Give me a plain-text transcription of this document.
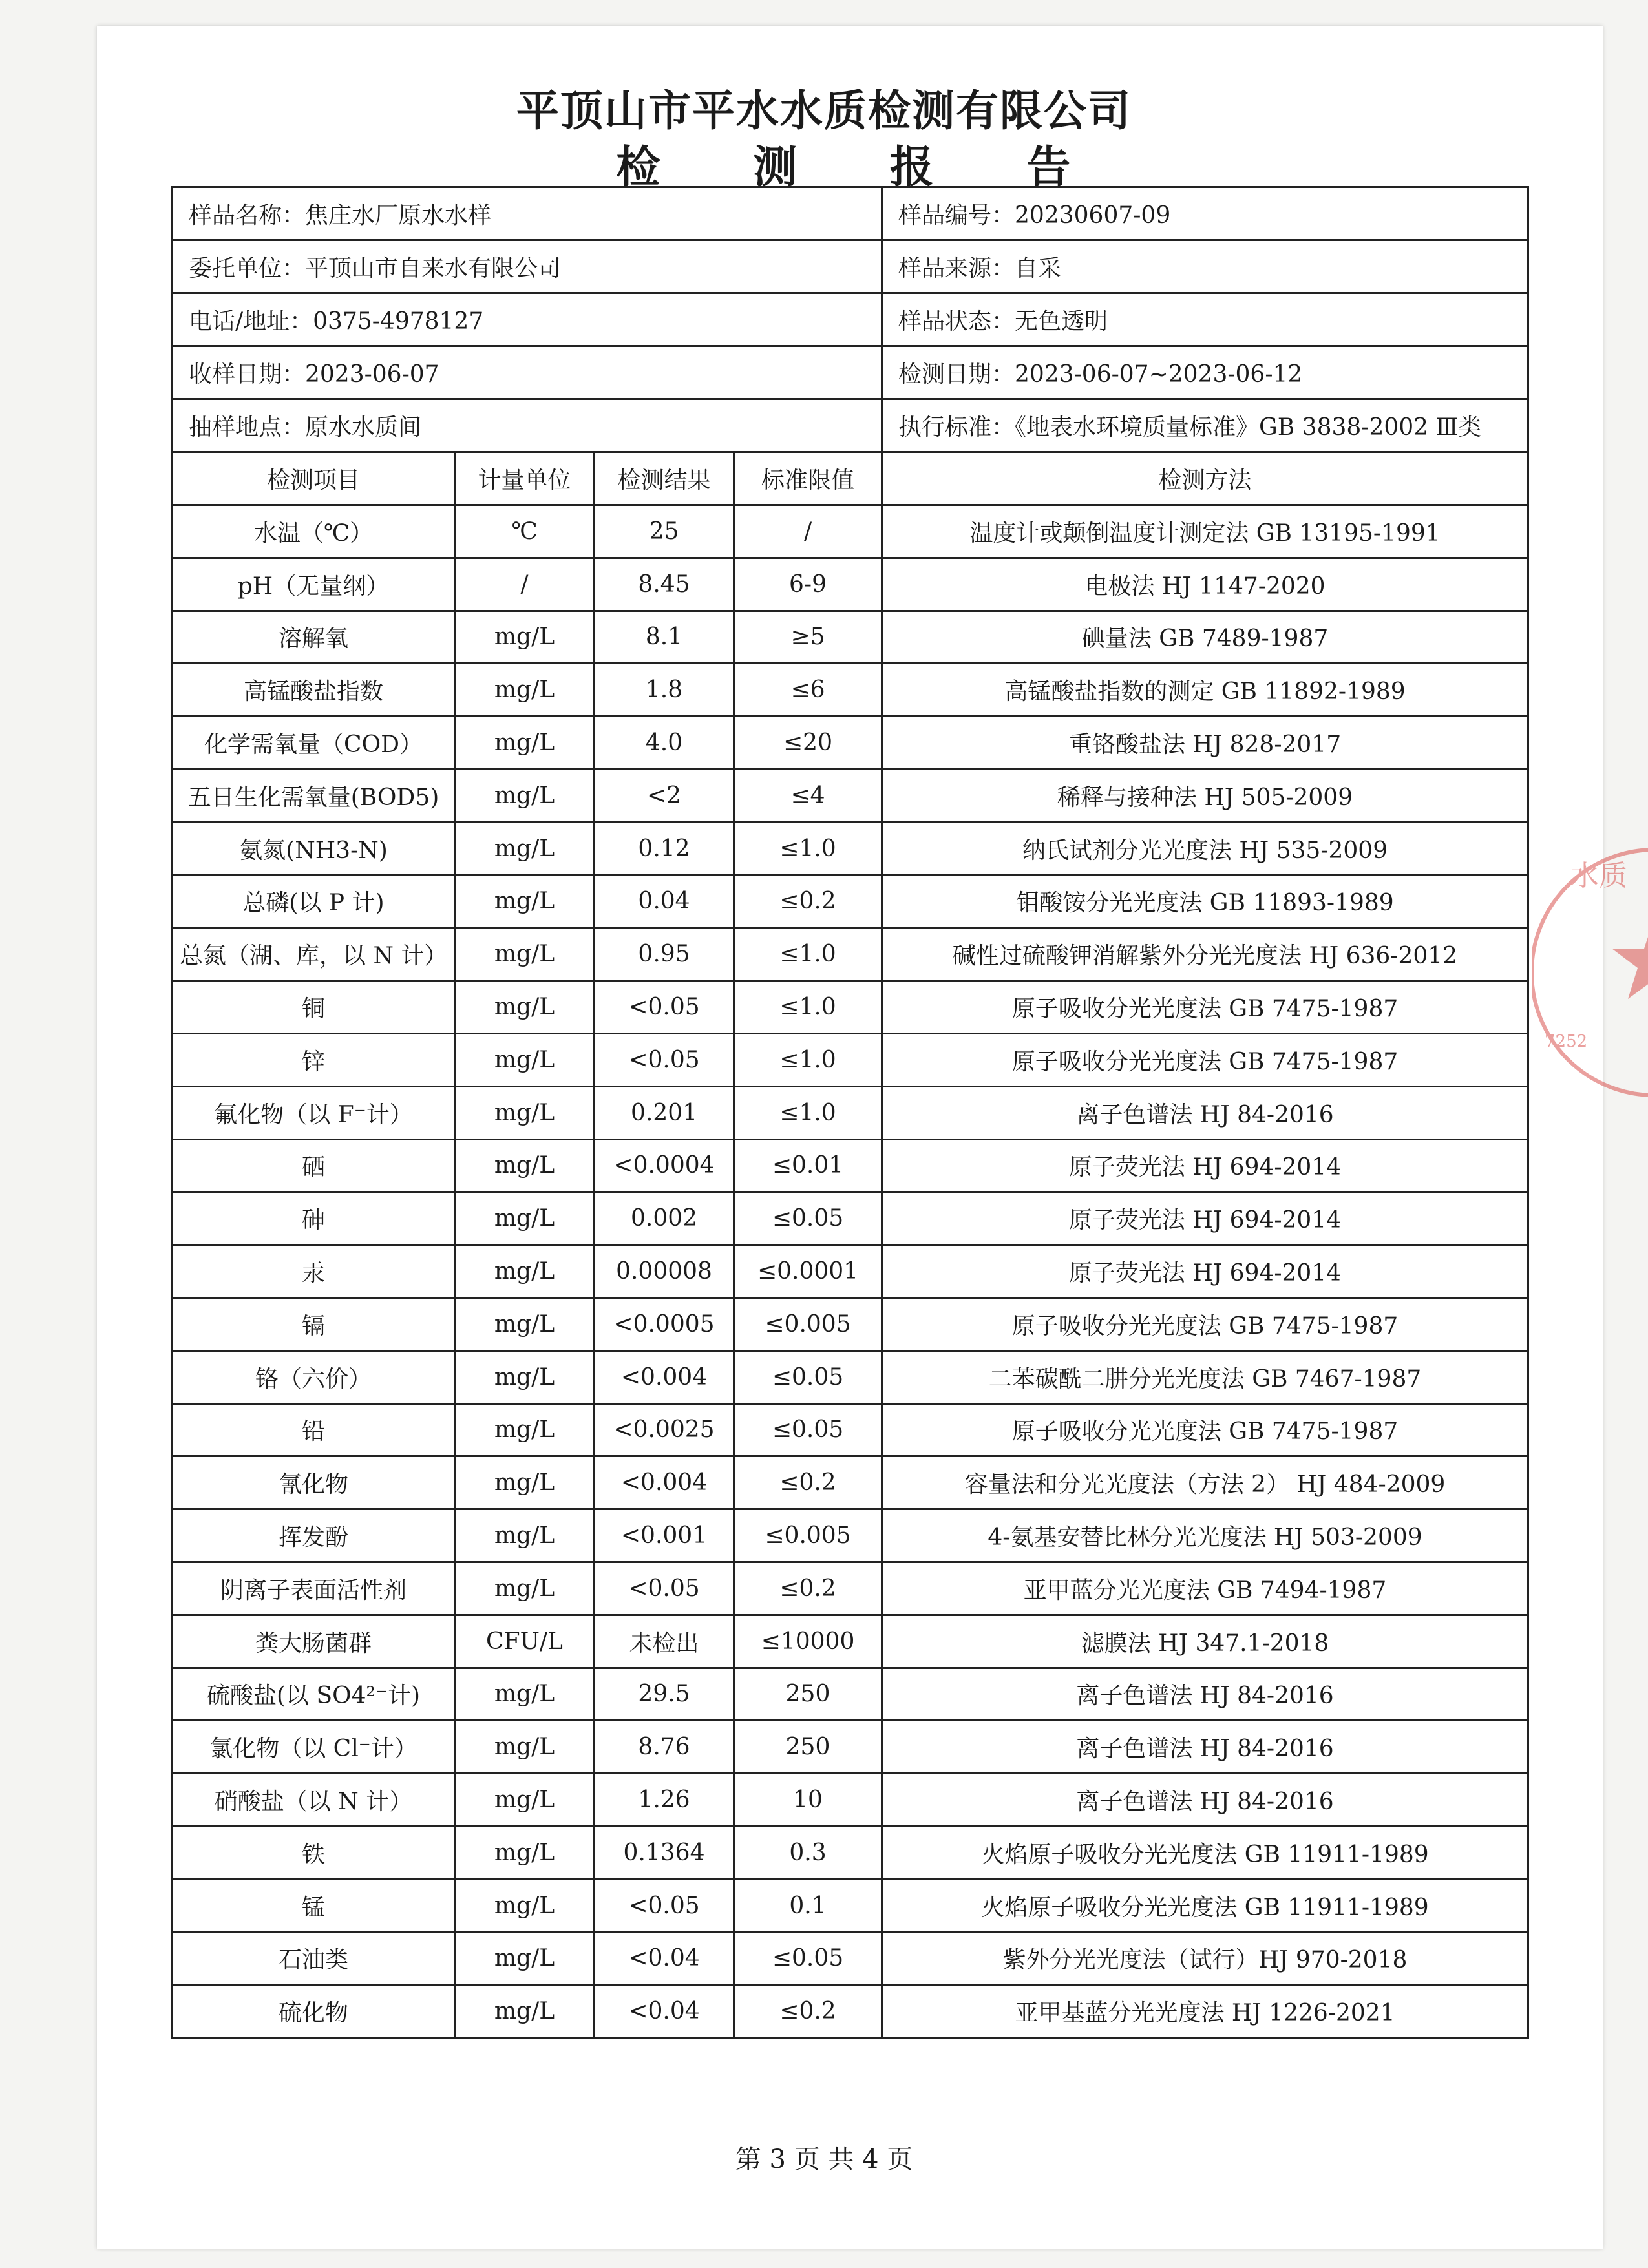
平顶山市平水水质检测有限公司
检 测 报 告
样品名称：焦庄水厂原水水样				样品编号：20230607-09
委托单位：平顶山市自来水有限公司				样品来源：自采
电话/地址：0375-4978127				样品状态：无色透明
收样日期：2023-06-07				检测日期：2023-06-07~2023-06-12
抽样地点：原水水质间				执行标准：《地表水环境质量标准》GB 3838-2002 Ⅲ类
检测项目	计量单位	检测结果	标准限值	检测方法
水温（℃）	℃	25	/	温度计或颠倒温度计测定法 GB 13195-1991
pH（无量纲）	/	8.45	6-9	电极法 HJ 1147-2020
溶解氧	mg/L	8.1	≥5	碘量法 GB 7489-1987
高锰酸盐指数	mg/L	1.8	≤6	高锰酸盐指数的测定 GB 11892-1989
化学需氧量（COD）	mg/L	4.0	≤20	重铬酸盐法 HJ 828-2017
五日生化需氧量(BOD5)	mg/L	<2	≤4	稀释与接种法 HJ 505-2009
氨氮(NH3-N)	mg/L	0.12	≤1.0	纳氏试剂分光光度法 HJ 535-2009
总磷(以 P 计)	mg/L	0.04	≤0.2	钼酸铵分光光度法 GB 11893-1989
总氮（湖、库，以 N 计）	mg/L	0.95	≤1.0	碱性过硫酸钾消解紫外分光光度法 HJ 636-2012
铜	mg/L	<0.05	≤1.0	原子吸收分光光度法 GB 7475-1987
锌	mg/L	<0.05	≤1.0	原子吸收分光光度法 GB 7475-1987
氟化物（以 F⁻计）	mg/L	0.201	≤1.0	离子色谱法 HJ 84-2016
硒	mg/L	<0.0004	≤0.01	原子荧光法 HJ 694-2014
砷	mg/L	0.002	≤0.05	原子荧光法 HJ 694-2014
汞	mg/L	0.00008	≤0.0001	原子荧光法 HJ 694-2014
镉	mg/L	<0.0005	≤0.005	原子吸收分光光度法 GB 7475-1987
铬（六价）	mg/L	<0.004	≤0.05	二苯碳酰二肼分光光度法 GB 7467-1987
铅	mg/L	<0.0025	≤0.05	原子吸收分光光度法 GB 7475-1987
氰化物	mg/L	<0.004	≤0.2	容量法和分光光度法（方法 2） HJ 484-2009
挥发酚	mg/L	<0.001	≤0.005	4-氨基安替比林分光光度法 HJ 503-2009
阴离子表面活性剂	mg/L	<0.05	≤0.2	亚甲蓝分光光度法 GB 7494-1987
粪大肠菌群	CFU/L	未检出	≤10000	滤膜法 HJ 347.1-2018
硫酸盐(以 SO4²⁻计)	mg/L	29.5	250	离子色谱法 HJ 84-2016
氯化物（以 Cl⁻计）	mg/L	8.76	250	离子色谱法 HJ 84-2016
硝酸盐（以 N 计）	mg/L	1.26	10	离子色谱法 HJ 84-2016
铁	mg/L	0.1364	0.3	火焰原子吸收分光光度法 GB 11911-1989
锰	mg/L	<0.05	0.1	火焰原子吸收分光光度法 GB 11911-1989
石油类	mg/L	<0.04	≤0.05	紫外分光光度法（试行）HJ 970-2018
硫化物	mg/L	<0.04	≤0.2	亚甲基蓝分光光度法 HJ 1226-2021
水质
7252
第 3 页 共 4 页
